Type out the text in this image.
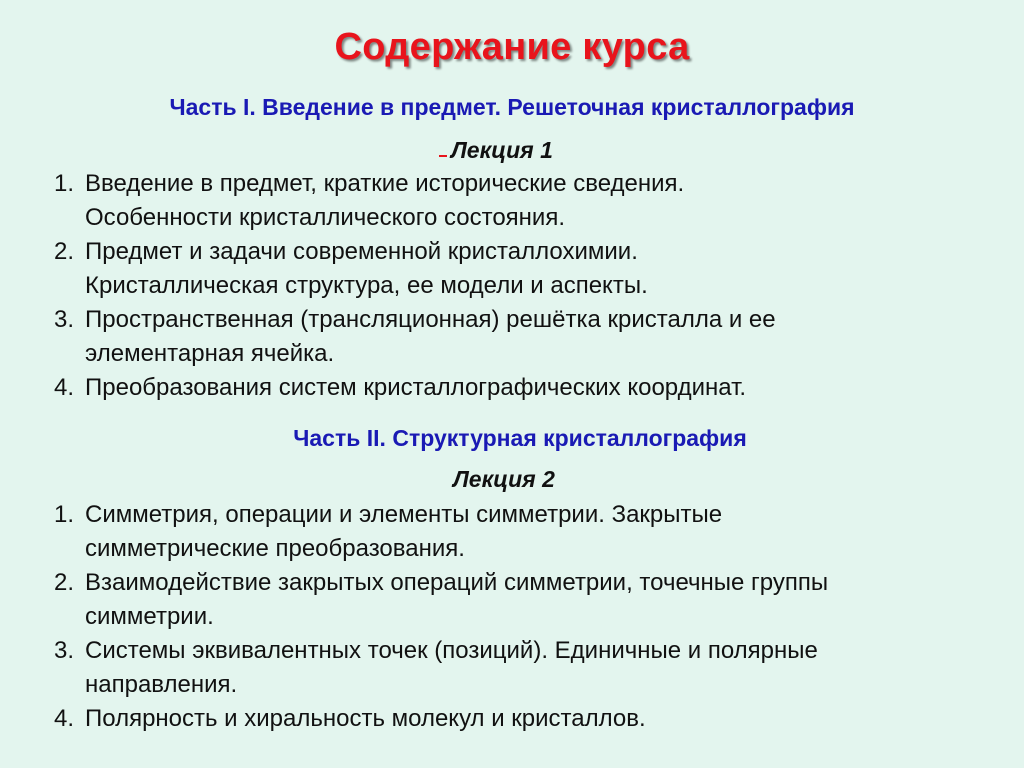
Содержание курса
Часть I. Введение в предмет. Решеточная кристаллография
Лекция 1
1. Введение в предмет, краткие исторические сведения.
Особенности кристаллического состояния.
2. Предмет и задачи современной кристаллохимии.
Кристаллическая структура, ее модели и аспекты.
3. Пространственная (трансляционная) решётка кристалла и ее
элементарная ячейка.
4. Преобразования систем кристаллографических координат.
Часть II. Структурная кристаллография
Лекция 2
1. Симметрия, операции и элементы симметрии. Закрытые
симметрические преобразования.
2. Взаимодействие закрытых операций симметрии, точечные группы
симметрии.
3. Системы эквивалентных точек (позиций). Единичные и полярные
направления.
4. Полярность и хиральность молекул и кристаллов.
